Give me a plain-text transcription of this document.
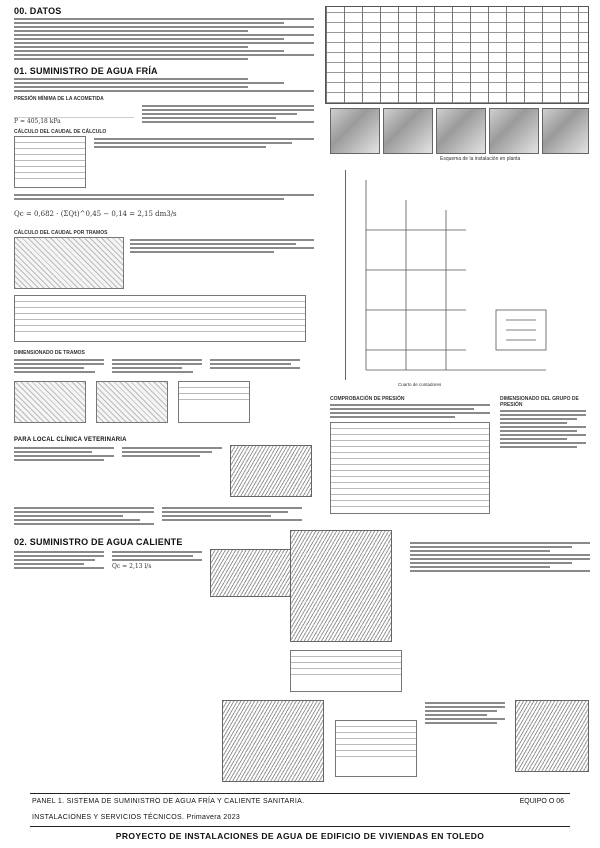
00. DATOS
01. SUMINISTRO DE AGUA FRÍA
PRESIÓN MÍNIMA DE LA ACOMETIDA
P = 405,18 kPa
CÁLCULO DEL CAUDAL DE CÁLCULO
Qc = 0,682 · (ΣQt)^0,45 − 0,14 = 2,15 dm3/s
CÁLCULO DEL CAUDAL POR TRAMOS
DIMENSIONADO DE TRAMOS
PARA LOCAL CLÍNICA VETERINARIA
02. SUMINISTRO DE AGUA CALIENTE
Qc = 2,13 l/s
Esquema de la instalación en planta
Cuarto de contadores
COMPROBACIÓN DE PRESIÓN	DIMENSIONADO DEL GRUPO DE PRESIÓN
PANEL 1. SISTEMA DE SUMINISTRO DE AGUA FRÍA Y CALIENTE SANITARIA.	EQUIPO O 06
INSTALACIONES Y SERVICIOS TÉCNICOS. Primavera 2023
PROYECTO DE INSTALACIONES DE AGUA DE EDIFICIO DE VIVIENDAS EN TOLEDO
